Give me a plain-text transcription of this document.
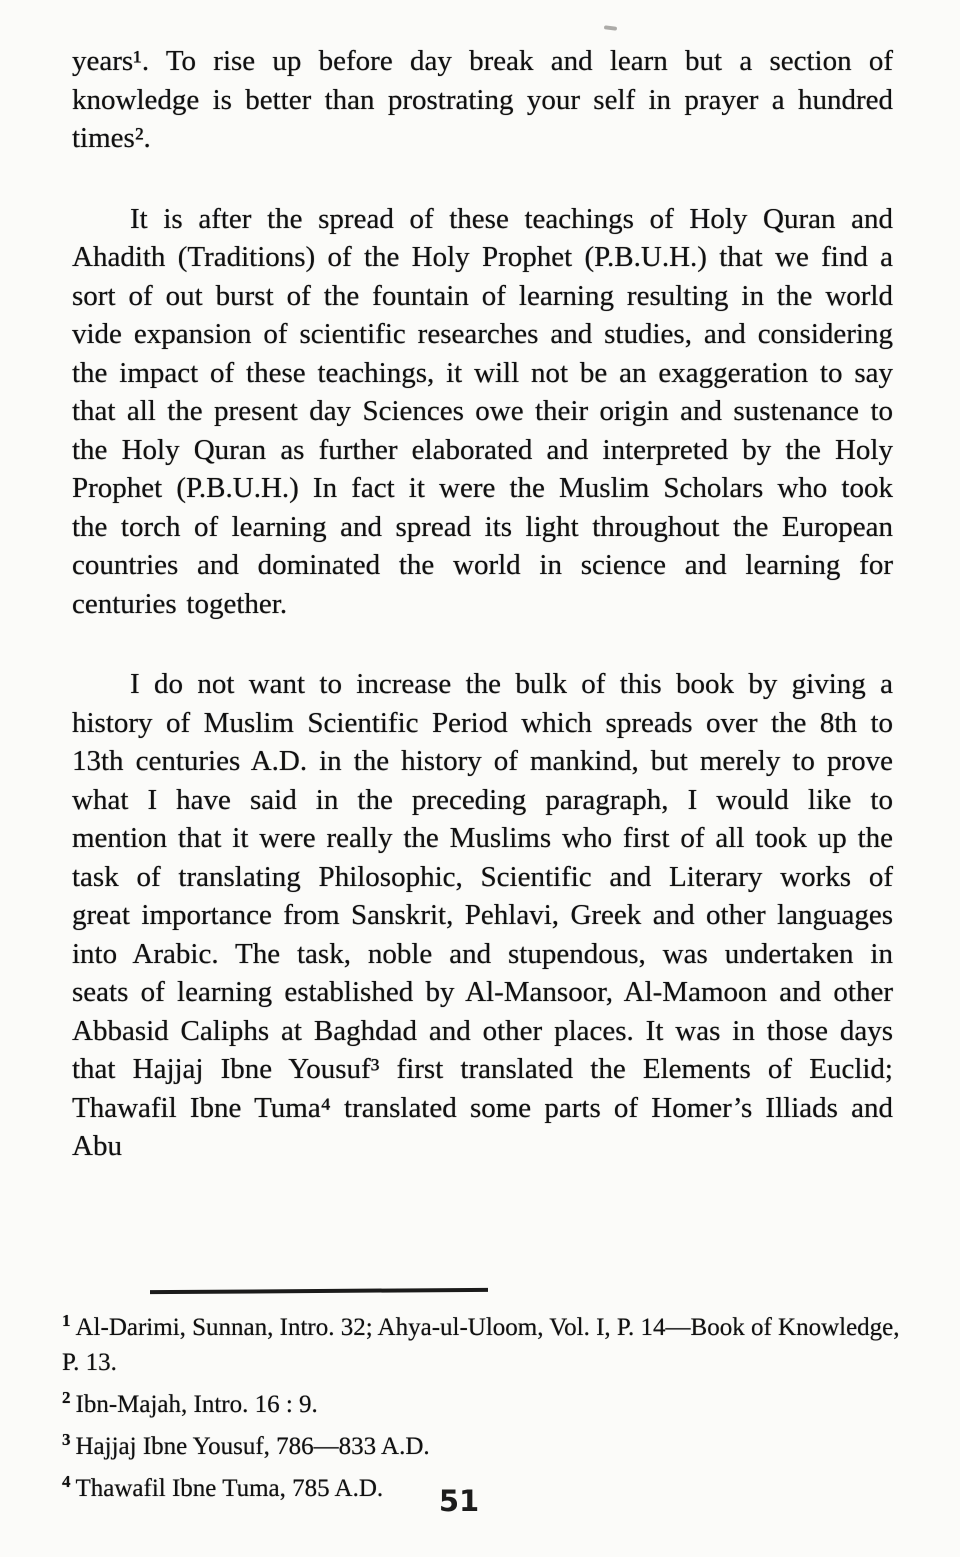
years¹. To rise up before day break and learn but a section of knowledge is better than prostrating your self in prayer a hundred times².

It is after the spread of these teachings of Holy Quran and Ahadith (Traditions) of the Holy Prophet (P.B.U.H.) that we find a sort of out burst of the fountain of learning resulting in the world vide expansion of scientific researches and studies, and considering the impact of these teachings, it will not be an exaggeration to say that all the present day Sciences owe their origin and sustenance to the Holy Quran as further elaborated and interpreted by the Holy Prophet (P.B.U.H.) In fact it were the Muslim Scholars who took the torch of learning and spread its light throughout the European countries and dominated the world in science and learning for centuries together.

I do not want to increase the bulk of this book by giving a history of Muslim Scientific Period which spreads over the 8th to 13th centuries A.D. in the history of mankind, but merely to prove what I have said in the preceding paragraph, I would like to mention that it were really the Muslims who first of all took up the task of translating Philosophic, Scientific and Literary works of great importance from Sanskrit, Pehlavi, Greek and other languages into Arabic. The task, noble and stupendous, was undertaken in seats of learning established by Al-Mansoor, Al-Mamoon and other Abbasid Caliphs at Baghdad and other places. It was in those days that Hajjaj Ibne Yousuf³ first translated the Elements of Euclid; Thawafil Ibne Tuma⁴ translated some parts of Homer’s Illiads and Abu

1 Al-Darimi, Sunnan, Intro. 32; Ahya-ul-Uloom, Vol. I, P. 14—Book of Knowledge, P. 13.
2 Ibn-Majah, Intro. 16 : 9.
3 Hajjaj Ibne Yousuf, 786—833 A.D.
4 Thawafil Ibne Tuma, 785 A.D.	51
